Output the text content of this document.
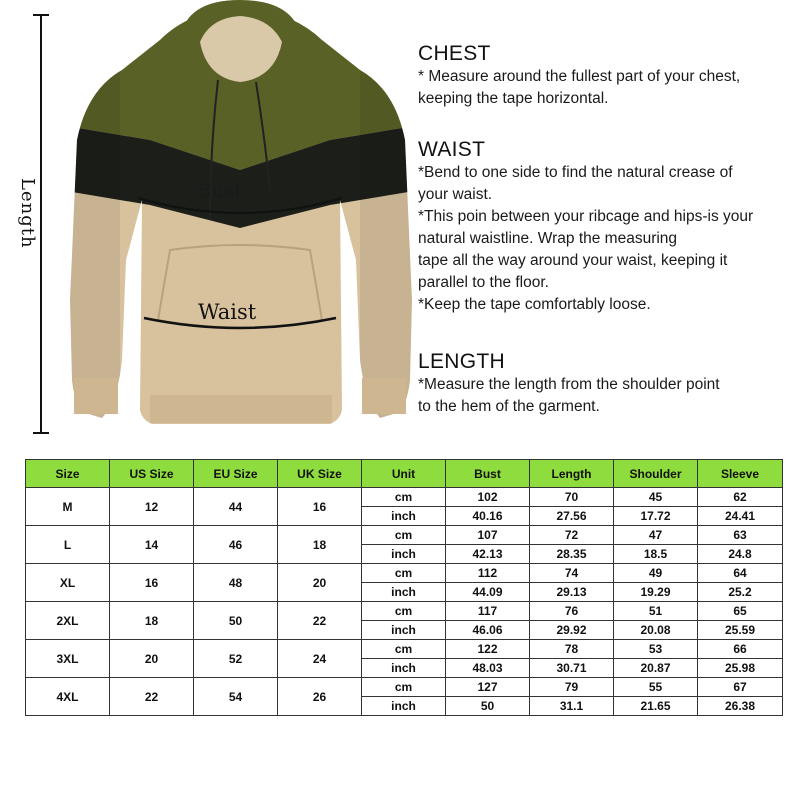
Length	Bust
Waist
CHEST
* Measure around the fullest part of your chest,
keeping the tape horizontal.
WAIST
*Bend to one side to find the natural crease of
your waist.
*This poin between your ribcage and hips-is your
natural waistline. Wrap the measuring
tape all the way around your waist, keeping it
parallel to the floor.
*Keep the tape comfortably loose.
LENGTH
*Measure the length from the shoulder point
to the hem of the garment.
Size	US Size	EU Size	UK Size	Unit	Bust	Length	Shoulder	Sleeve
M	12	44	16	cm	102	70	45	62
				inch	40.16	27.56	17.72	24.41
L	14	46	18	cm	107	72	47	63
				inch	42.13	28.35	18.5	24.8
XL	16	48	20	cm	112	74	49	64
				inch	44.09	29.13	19.29	25.2
2XL	18	50	22	cm	117	76	51	65
				inch	46.06	29.92	20.08	25.59
3XL	20	52	24	cm	122	78	53	66
				inch	48.03	30.71	20.87	25.98
4XL	22	54	26	cm	127	79	55	67
				inch	50	31.1	21.65	26.38
